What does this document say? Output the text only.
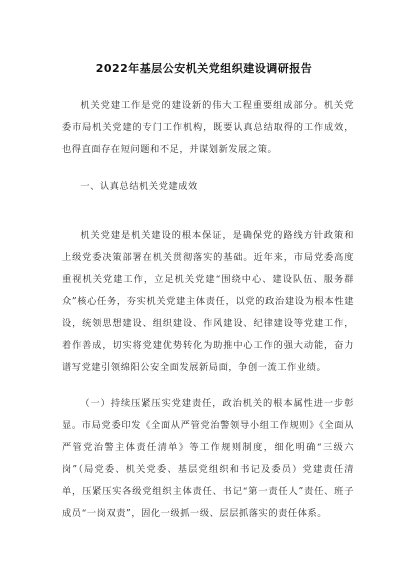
2022年基层公安机关党组织建设调研报告

机关党建工作是党的建设新的伟大工程重要组成部分。机关党委市局机关党建的专门工作机构，既要认真总结取得的工作成效，也得直面存在短问题和不足，并谋划新发展之策。

一、认真总结机关党建成效

机关党建是机关建设的根本保证，是确保党的路线方针政策和上级党委决策部署在机关贯彻落实的基础。近年来，市局党委高度重视机关党建工作，立足机关党建“围绕中心、建设队伍、服务群众”核心任务，夯实机关党建主体责任，以党的政治建设为根本性建设，统领思想建设、组织建设、作风建设、纪律建设等党建工作，着作善成，切实将党建优势转化为助推中心工作的强大动能，奋力谱写党建引领绵阳公安全面发展新局面，争创一流工作业绩。

（一）持续压紧压实党建责任，政治机关的根本属性进一步彰显。市局党委印发《全面从严管党治警领导小组工作规则》《全面从严管党治警主体责任清单》等工作规则制度，细化明确“三级六岗”（局党委、机关党委、基层党组织和书记及委员）党建责任清单，压紧压实各级党组织主体责任、书记“第一责任人”责任、班子成员“一岗双责”，固化一级抓一级、层层抓落实的责任体系。
